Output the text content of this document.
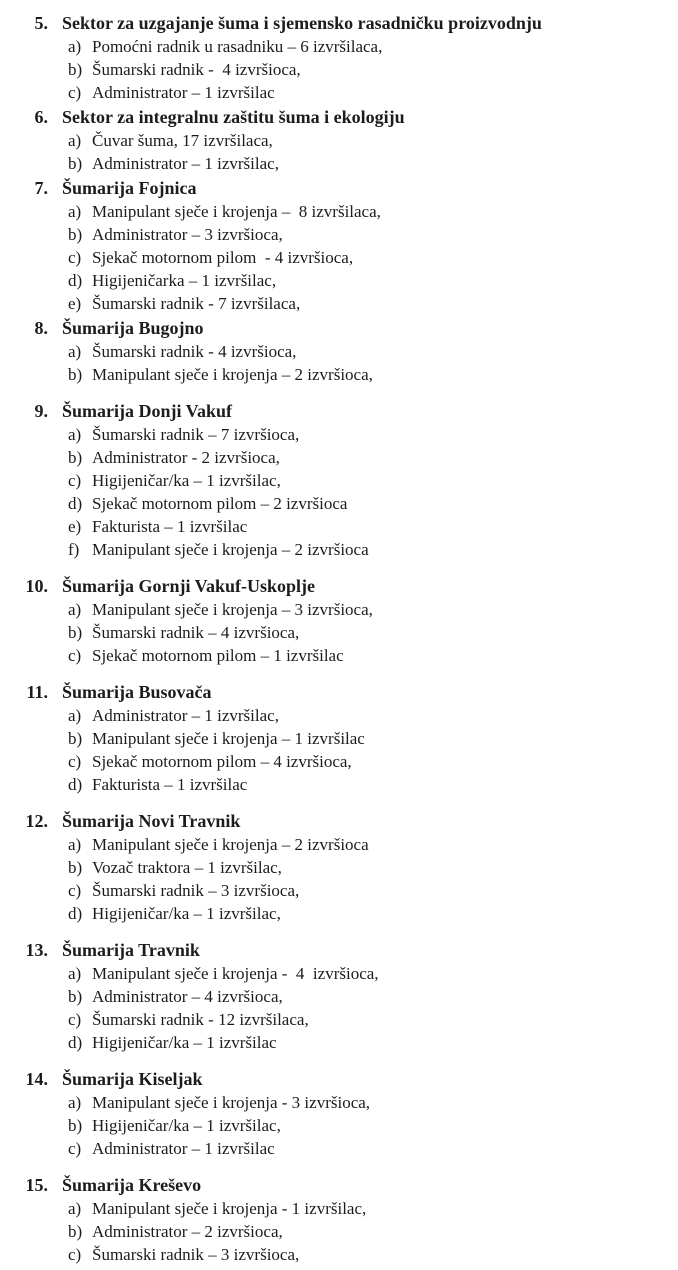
5. Sektor za uzgajanje šuma i sjemensko rasadničku proizvodnju
a) Pomoćni radnik u rasadniku – 6 izvršilaca,
b) Šumarski radnik -  4 izvršioca,
c) Administrator – 1 izvršilac
6. Sektor za integralnu zaštitu šuma i ekologiju
a) Čuvar šuma, 17 izvršilaca,
b) Administrator – 1 izvršilac,
7. Šumarija Fojnica
a) Manipulant sječe i krojenja –  8 izvršilaca,
b) Administrator – 3 izvršioca,
c) Sjekač motornom pilom  - 4 izvršioca,
d) Higijeničarka – 1 izvršilac,
e) Šumarski radnik - 7 izvršilaca,
8. Šumarija Bugojno
a) Šumarski radnik - 4 izvršioca,
b) Manipulant sječe i krojenja – 2 izvršioca,
9. Šumarija Donji Vakuf
a) Šumarski radnik – 7 izvršioca,
b) Administrator - 2 izvršioca,
c) Higijeničar/ka – 1 izvršilac,
d) Sjekač motornom pilom – 2 izvršioca
e) Fakturista – 1 izvršilac
f) Manipulant sječe i krojenja – 2 izvršioca
10. Šumarija Gornji Vakuf-Uskoplje
a) Manipulant sječe i krojenja – 3 izvršioca,
b) Šumarski radnik – 4 izvršioca,
c) Sjekač motornom pilom – 1 izvršilac
11. Šumarija Busovača
a) Administrator – 1 izvršilac,
b) Manipulant sječe i krojenja – 1 izvršilac
c) Sjekač motornom pilom – 4 izvršioca,
d) Fakturista – 1 izvršilac
12. Šumarija Novi Travnik
a) Manipulant sječe i krojenja – 2 izvršioca
b) Vozač traktora – 1 izvršilac,
c) Šumarski radnik – 3 izvršioca,
d) Higijeničar/ka – 1 izvršilac,
13. Šumarija Travnik
a) Manipulant sječe i krojenja -  4  izvršioca,
b) Administrator – 4 izvršioca,
c) Šumarski radnik - 12 izvršilaca,
d) Higijeničar/ka – 1 izvršilac
14. Šumarija Kiseljak
a) Manipulant sječe i krojenja - 3 izvršioca,
b) Higijeničar/ka – 1 izvršilac,
c) Administrator – 1 izvršilac
15. Šumarija Kreševo
a) Manipulant sječe i krojenja - 1 izvršilac,
b) Administrator – 2 izvršioca,
c) Šumarski radnik – 3 izvršioca,
